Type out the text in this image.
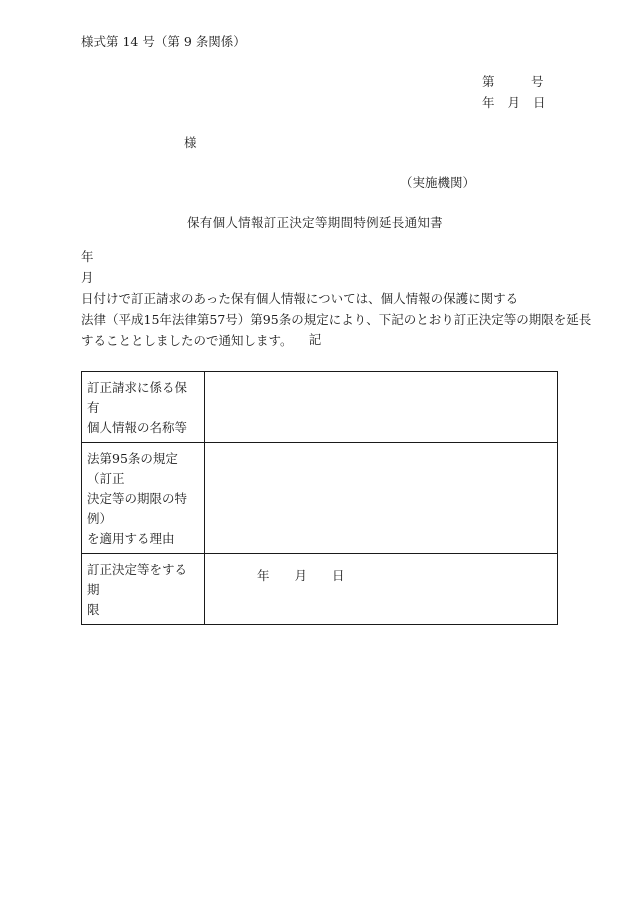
様式第 14 号（第 9 条関係）
第	号
年 月 日
様
（実施機関）
保有個人情報訂正決定等期間特例延長通知書
年
月
日付けで訂正請求のあった保有個人情報については、個人情報の保護に関する
法律（平成15年法律第57号）第95条の規定により、下記のとおり訂正決定等の期限を延長
することとしましたので通知します。	記
訂正請求に係る保有
個人情報の名称等	

法第95条の規定（訂正
決定等の期限の特例）
を適用する理由	

訂正決定等をする期
限	年 月 日
